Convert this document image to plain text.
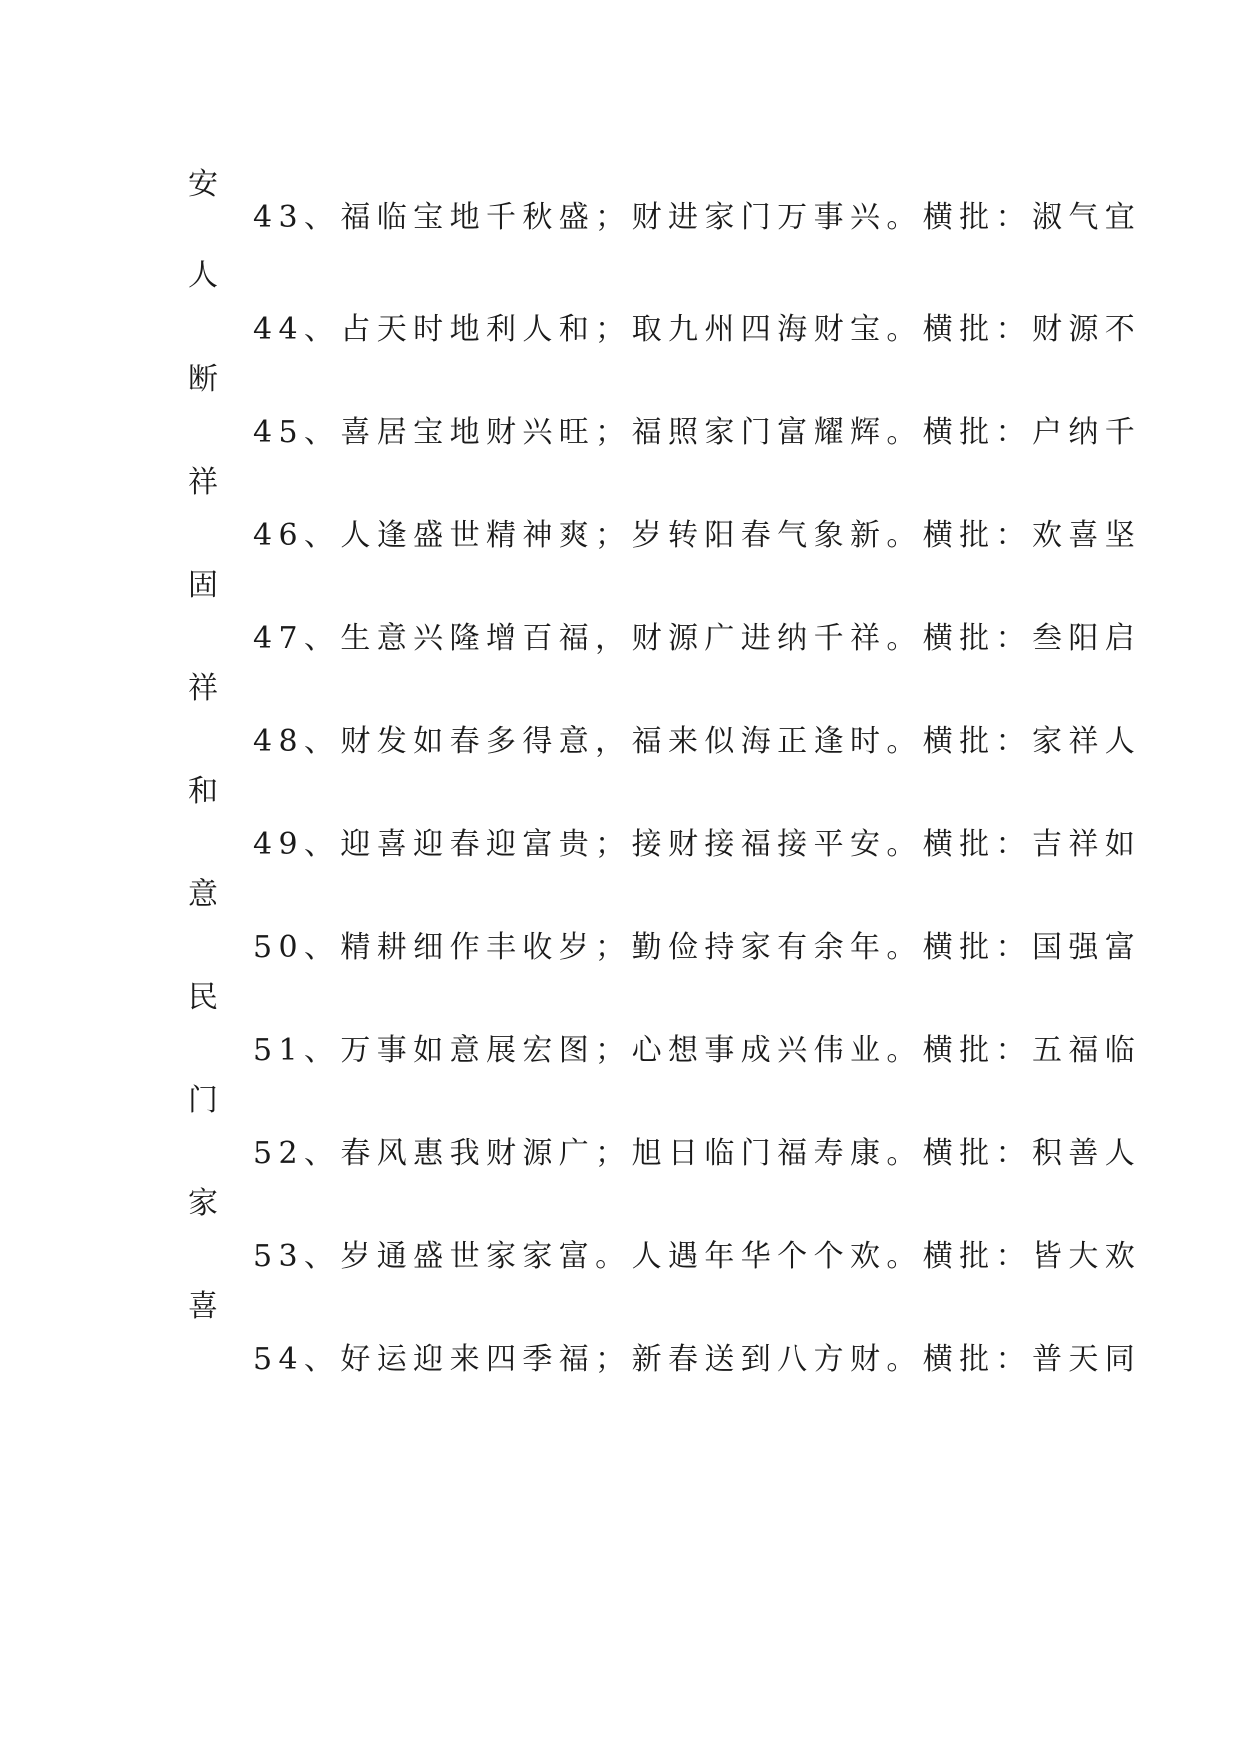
安
43、福临宝地千秋盛；财进家门万事兴。横批：淑气宜
人
44、占天时地利人和；取九州四海财宝。横批：财源不
断
45、喜居宝地财兴旺；福照家门富耀辉。横批：户纳千
祥
46、人逢盛世精神爽；岁转阳春气象新。横批：欢喜坚
固
47、生意兴隆增百福，财源广进纳千祥。横批：叁阳启
祥
48、财发如春多得意，福来似海正逢时。横批：家祥人
和
49、迎喜迎春迎富贵；接财接福接平安。横批：吉祥如
意
50、精耕细作丰收岁；勤俭持家有余年。横批：国强富
民
51、万事如意展宏图；心想事成兴伟业。横批：五福临
门
52、春风惠我财源广；旭日临门福寿康。横批：积善人
家
53、岁通盛世家家富。人遇年华个个欢。横批：皆大欢
喜
54、好运迎来四季福；新春送到八方财。横批：普天同
